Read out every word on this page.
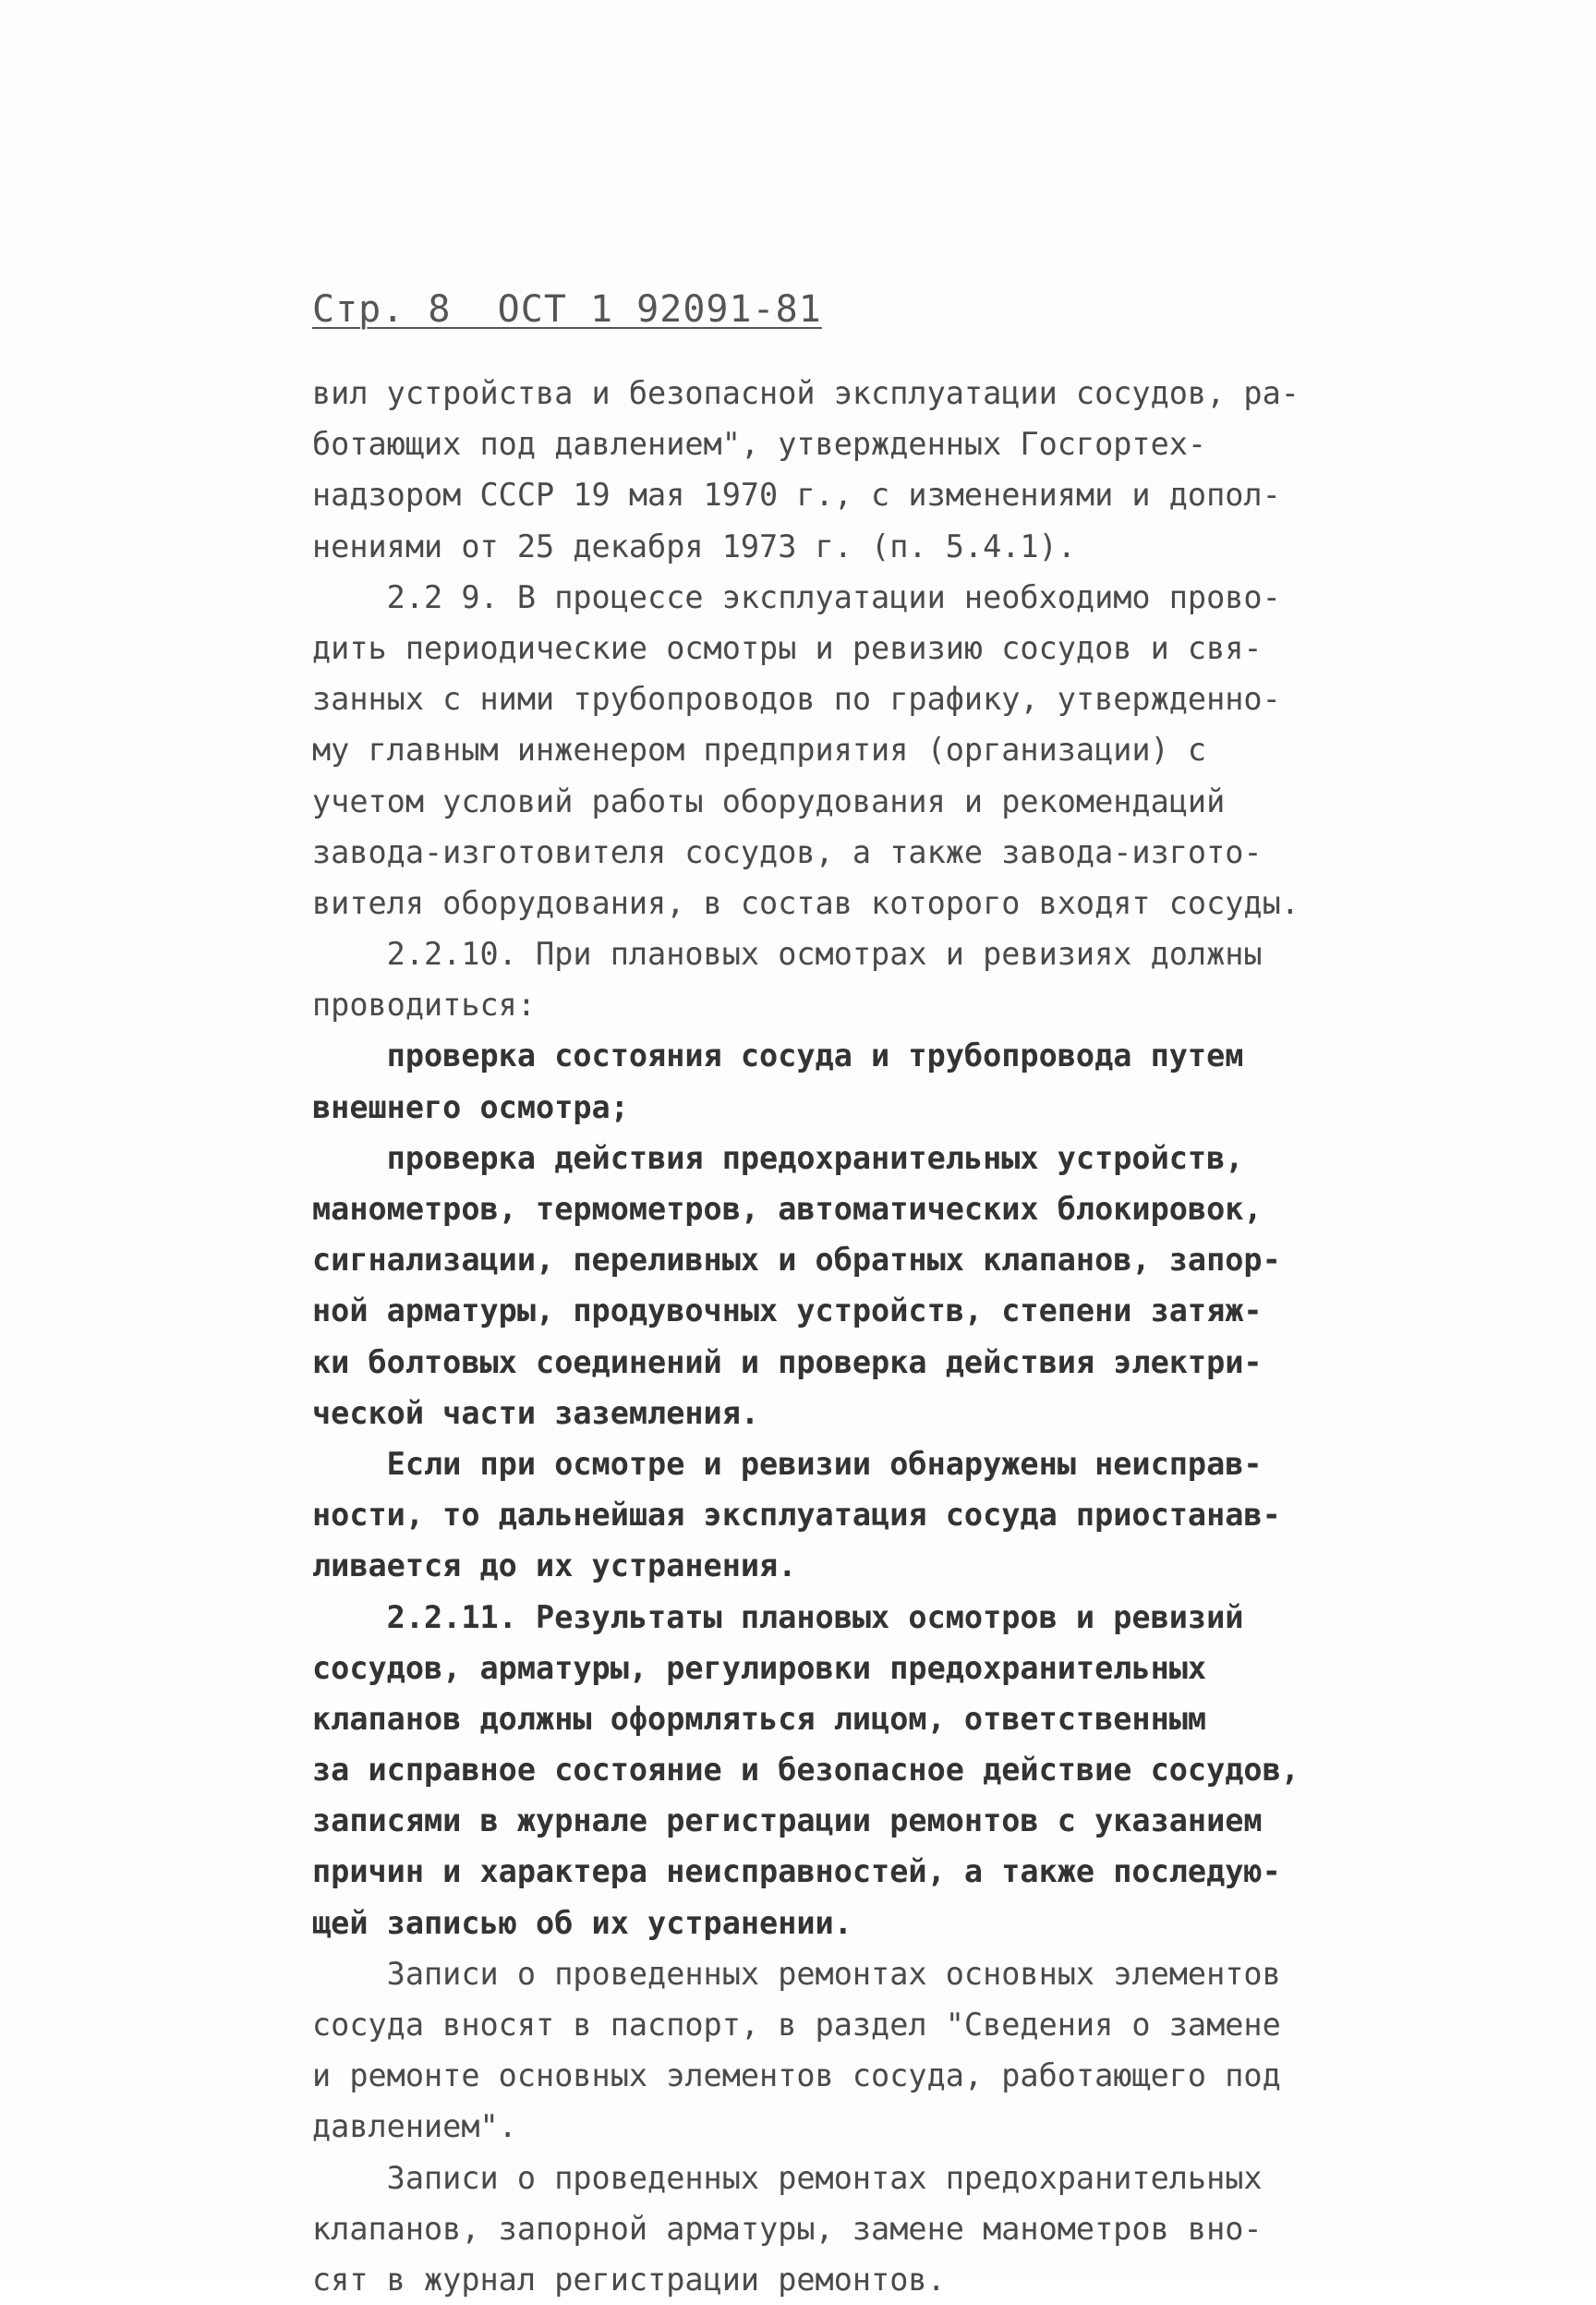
Стр. 8  ОСТ 1 92091-81
вил устройства и безопасной эксплуатации сосудов, ра-
ботающих под давлением", утвержденных Госгортех-
надзором СССР 19 мая 1970 г., с изменениями и допол-
нениями от 25 декабря 1973 г. (п. 5.4.1).
2.2 9. В процессе эксплуатации необходимо прово-
дить периодические осмотры и ревизию сосудов и свя-
занных с ними трубопроводов по графику, утвержденно-
му главным инженером предприятия (организации) с
учетом условий работы оборудования и рекомендаций
завода-изготовителя сосудов, а также завода-изгото-
вителя оборудования, в состав которого входят сосуды.
2.2.10. При плановых осмотрах и ревизиях должны
проводиться:
проверка состояния сосуда и трубопровода путем
внешнего осмотра;
проверка действия предохранительных устройств,
манометров, термометров, автоматических блокировок,
сигнализации, переливных и обратных клапанов, запор-
ной арматуры, продувочных устройств, степени затяж-
ки болтовых соединений и проверка действия электри-
ческой части заземления.
Если при осмотре и ревизии обнаружены неиспрaв-
ности, то дальнейшая эксплуатация сосуда приостанав-
ливается до их устранения.
2.2.11. Результаты плановых осмотров и ревизий
сосудов, арматуры, регулировки предохранительных
клапанов должны оформляться лицом, ответственным
за исправное состояние и безопасное действие сосудов,
записями в журнале регистрации ремонтов с указанием
причин и характера неисправностей, а также последую-
щей записью об их устранении.
Записи о проведенных ремонтах основных элементов
сосуда вносят в паспорт, в раздел "Сведения о замене
и ремонте основных элементов сосуда, работающего под
давлением".
Записи о проведенных ремонтах предохранительных
клапанов, запорной арматуры, замене манометров вно-
сят в журнал регистрации ремонтов.
